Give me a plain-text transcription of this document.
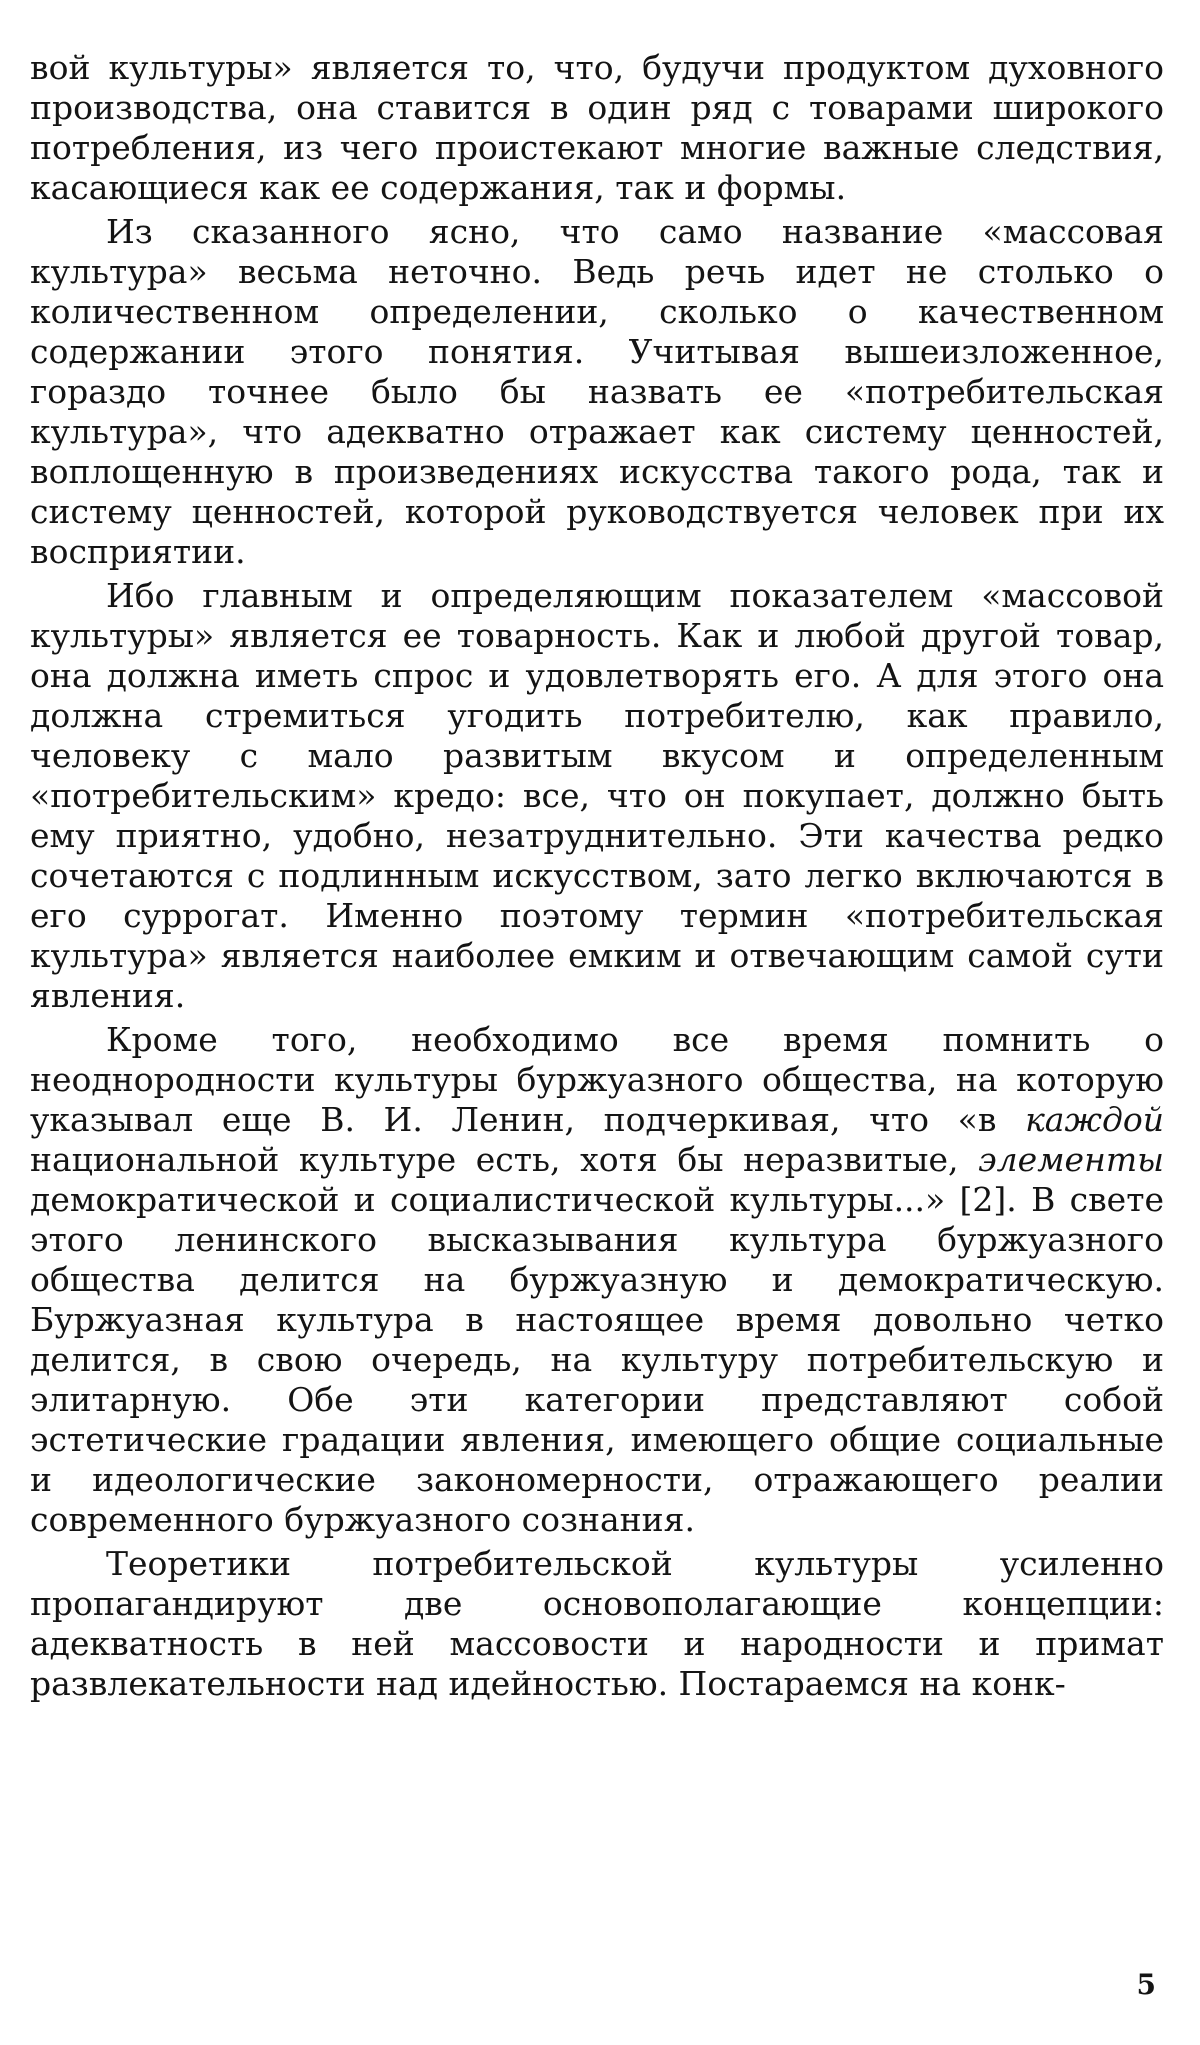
вой культуры» является то, что, будучи продуктом духовного производства, она ставится в один ряд с товарами широкого потребления, из чего проистекают многие важные следствия, касающиеся как ее содержания, так и формы.

Из сказанного ясно, что само название «массовая культура» весьма неточно. Ведь речь идет не столько о количественном определении, сколько о качественном содержании этого понятия. Учитывая вышеизложенное, гораздо точнее было бы назвать ее «потребительская культура», что адекватно отражает как систему ценностей, воплощенную в произведениях искусства такого рода, так и систему ценностей, которой руководствуется человек при их восприятии.

Ибо главным и определяющим показателем «массовой культуры» является ее товарность. Как и любой другой товар, она должна иметь спрос и удовлетворять его. А для этого она должна стремиться угодить потребителю, как правило, человеку с мало развитым вкусом и определенным «потребительским» кредо: все, что он покупает, должно быть ему приятно, удобно, незатруднительно. Эти качества редко сочетаются с подлинным искусством, зато легко включаются в его суррогат. Именно поэтому термин «потребительская культура» является наиболее емким и отвечающим самой сути явления.

Кроме того, необходимо все время помнить о неоднородности культуры буржуазного общества, на которую указывал еще В. И. Ленин, подчеркивая, что «в каждой национальной культуре есть, хотя бы неразвитые, элементы демократической и социалистической культуры...» [2]. В свете этого ленинского высказывания культура буржуазного общества делится на буржуазную и демократическую. Буржуазная культура в настоящее время довольно четко делится, в свою очередь, на культуру потребительскую и элитарную. Обе эти категории представляют собой эстетические градации явления, имеющего общие социальные и идеологические закономерности, отражающего реалии современного буржуазного сознания.

Теоретики потребительской культуры усиленно пропагандируют две основополагающие концепции: адекватность в ней массовости и народности и примат развлекательности над идейностью. Постараемся на конк-

5
